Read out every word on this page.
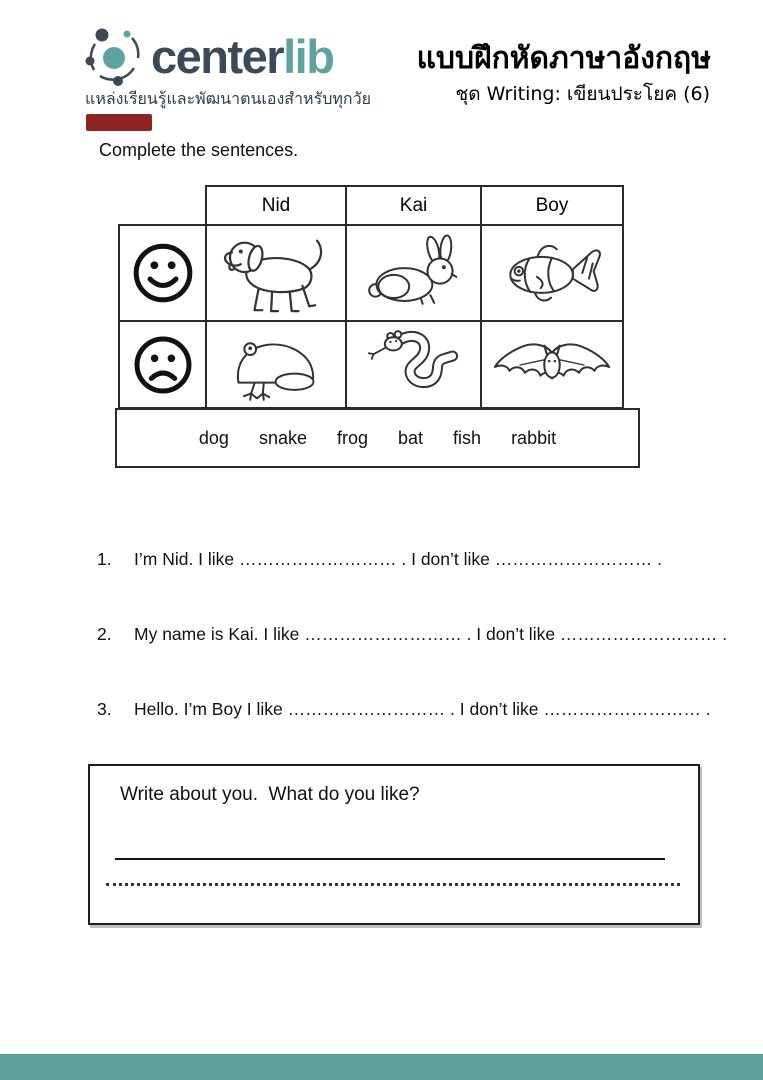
centerlib
แหล่งเรียนรู้และพัฒนาตนเองสำหรับทุกวัย
แบบฝึกหัดภาษาอังกฤษ
ชุด Writing: เขียนประโยค (6)
Complete the sentences.
	Nid	Kai	Boy

dog snake frog bat fish rabbit
1.	I’m Nid. I like ……………………… . I don’t like ……………………… .
2.	My name is Kai. I like ……………………… . I don’t like ……………………… .
3.	Hello. I’m Boy I like ……………………… . I don’t like ……………………… .
Write about you.  What do you like?
